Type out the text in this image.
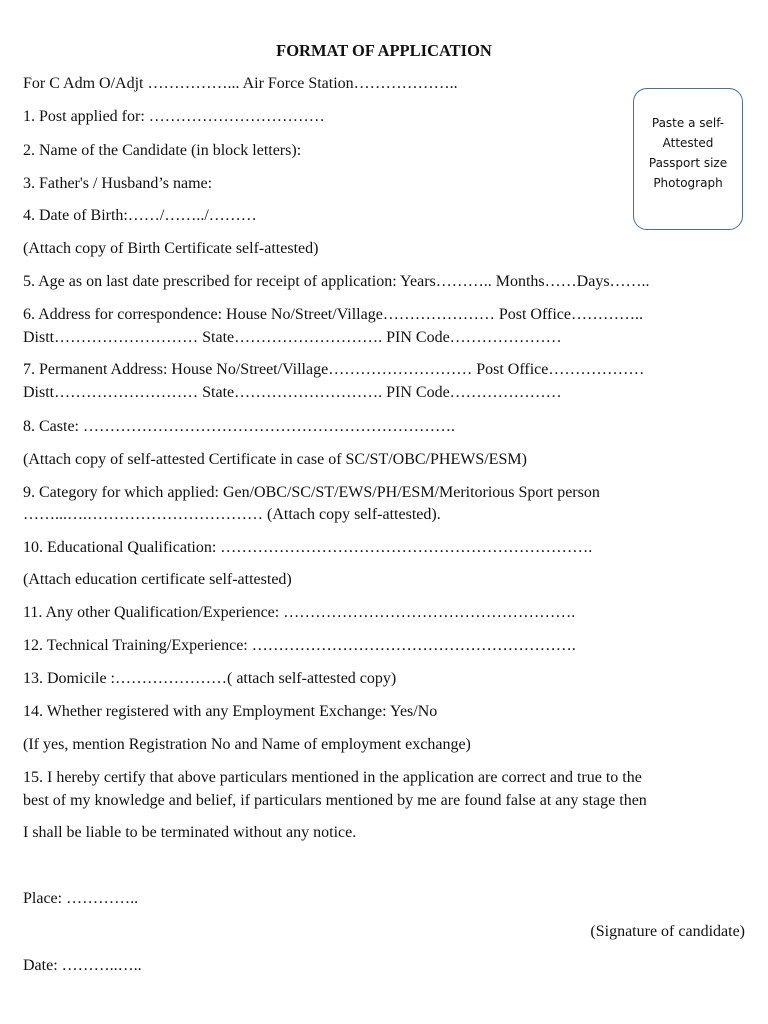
FORMAT OF APPLICATION

Paste a self-
Attested
Passport size
Photograph

For C Adm O/Adjt ……………... Air Force Station………………..

1. Post applied for: ……………………………

2. Name of the Candidate (in block letters):

3. Father's / Husband’s name:

4. Date of Birth:……/……../………

(Attach copy of Birth Certificate self-attested)

5. Age as on last date prescribed for receipt of application: Years……….. Months……Days……..

6. Address for correspondence: House No/Street/Village………………… Post Office…………..

Distt……………………… State………………………. PIN Code…………………

7. Permanent Address: House No/Street/Village……………………… Post Office………………

Distt……………………… State………………………. PIN Code…………………

8. Caste: …………………………………………………………….

(Attach copy of self-attested Certificate in case of SC/ST/OBC/PHEWS/ESM)

9. Category for which applied: Gen/OBC/SC/ST/EWS/PH/ESM/Meritorious Sport person

……...….…………………………… (Attach copy self-attested).

10. Educational Qualification: …………………………………………………………….

(Attach education certificate self-attested)

11. Any other Qualification/Experience: ……………………………………………….

12. Technical Training/Experience: …………………………………………………….

13. Domicile :…………………( attach self-attested copy)

14. Whether registered with any Employment Exchange: Yes/No

(If yes, mention Registration No and Name of employment exchange)

15. I hereby certify that above particulars mentioned in the application are correct and true to the

best of my knowledge and belief, if particulars mentioned by me are found false at any stage then

I shall be liable to be terminated without any notice.

Place: …………..

(Signature of candidate)

Date: ………..…..
